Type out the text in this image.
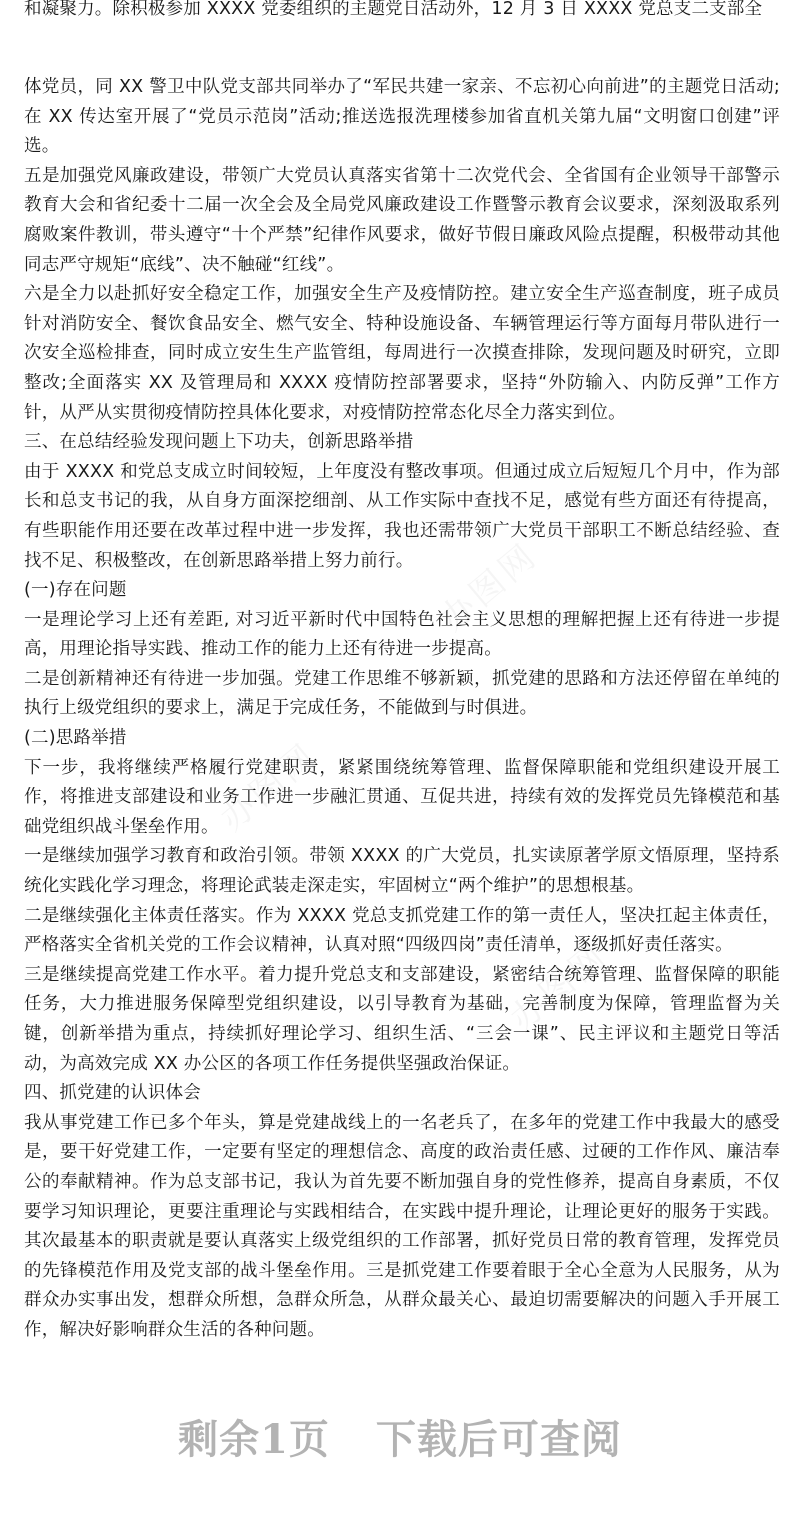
办图网
办图网
办图网

和凝聚力。除积极参加 XXXX 党委组织的主题党日活动外，12 月 3 日 XXXX 党总支二支部全

体党员，同 XX 警卫中队党支部共同举办了“军民共建一家亲、不忘初心向前进”的主题党日活动;在 XX 传达室开展了“党员示范岗”活动;推送选报洗理楼参加省直机关第九届“文明窗口创建”评选。

五是加强党风廉政建设，带领广大党员认真落实省第十二次党代会、全省国有企业领导干部警示教育大会和省纪委十二届一次全会及全局党风廉政建设工作暨警示教育会议要求，深刻汲取系列腐败案件教训，带头遵守“十个严禁”纪律作风要求，做好节假日廉政风险点提醒，积极带动其他同志严守规矩“底线”、决不触碰“红线”。

六是全力以赴抓好安全稳定工作，加强安全生产及疫情防控。建立安全生产巡查制度，班子成员针对消防安全、餐饮食品安全、燃气安全、特种设施设备、车辆管理运行等方面每月带队进行一次安全巡检排查，同时成立安生生产监管组，每周进行一次摸查排除，发现问题及时研究，立即整改;全面落实 XX 及管理局和 XXXX 疫情防控部署要求，坚持“外防输入、内防反弹”工作方针，从严从实贯彻疫情防控具体化要求，对疫情防控常态化尽全力落实到位。

三、在总结经验发现问题上下功夫，创新思路举措

由于 XXXX 和党总支成立时间较短，上年度没有整改事项。但通过成立后短短几个月中，作为部长和总支书记的我，从自身方面深挖细剖、从工作实际中查找不足，感觉有些方面还有待提高，有些职能作用还要在改革过程中进一步发挥，我也还需带领广大党员干部职工不断总结经验、查找不足、积极整改，在创新思路举措上努力前行。

(一)存在问题

一是理论学习上还有差距, 对习近平新时代中国特色社会主义思想的理解把握上还有待进一步提高，用理论指导实践、推动工作的能力上还有待进一步提高。

二是创新精神还有待进一步加强。党建工作思维不够新颖，抓党建的思路和方法还停留在单纯的执行上级党组织的要求上，满足于完成任务，不能做到与时俱进。

(二)思路举措

下一步，我将继续严格履行党建职责，紧紧围绕统筹管理、监督保障职能和党组织建设开展工作，将推进支部建设和业务工作进一步融汇贯通、互促共进，持续有效的发挥党员先锋模范和基础党组织战斗堡垒作用。

一是继续加强学习教育和政治引领。带领 XXXX 的广大党员，扎实读原著学原文悟原理，坚持系统化实践化学习理念，将理论武装走深走实，牢固树立“两个维护”的思想根基。

二是继续强化主体责任落实。作为 XXXX 党总支抓党建工作的第一责任人，坚决扛起主体责任，严格落实全省机关党的工作会议精神，认真对照“四级四岗”责任清单，逐级抓好责任落实。

三是继续提高党建工作水平。着力提升党总支和支部建设，紧密结合统筹管理、监督保障的职能任务，大力推进服务保障型党组织建设，以引导教育为基础，完善制度为保障，管理监督为关键，创新举措为重点，持续抓好理论学习、组织生活、“三会一课”、民主评议和主题党日等活动，为高效完成 XX 办公区的各项工作任务提供坚强政治保证。

四、抓党建的认识体会

我从事党建工作已多个年头，算是党建战线上的一名老兵了，在多年的党建工作中我最大的感受是，要干好党建工作，一定要有坚定的理想信念、高度的政治责任感、过硬的工作作风、廉洁奉公的奉献精神。作为总支部书记，我认为首先要不断加强自身的党性修养，提高自身素质，不仅要学习知识理论，更要注重理论与实践相结合，在实践中提升理论，让理论更好的服务于实践。其次最基本的职责就是要认真落实上级党组织的工作部署，抓好党员日常的教育管理，发挥党员的先锋模范作用及党支部的战斗堡垒作用。三是抓党建工作要着眼于全心全意为人民服务，从为群众办实事出发，想群众所想，急群众所急，从群众最关心、最迫切需要解决的问题入手开展工作，解决好影响群众生活的各种问题。

剩余1页 下载后可查阅
